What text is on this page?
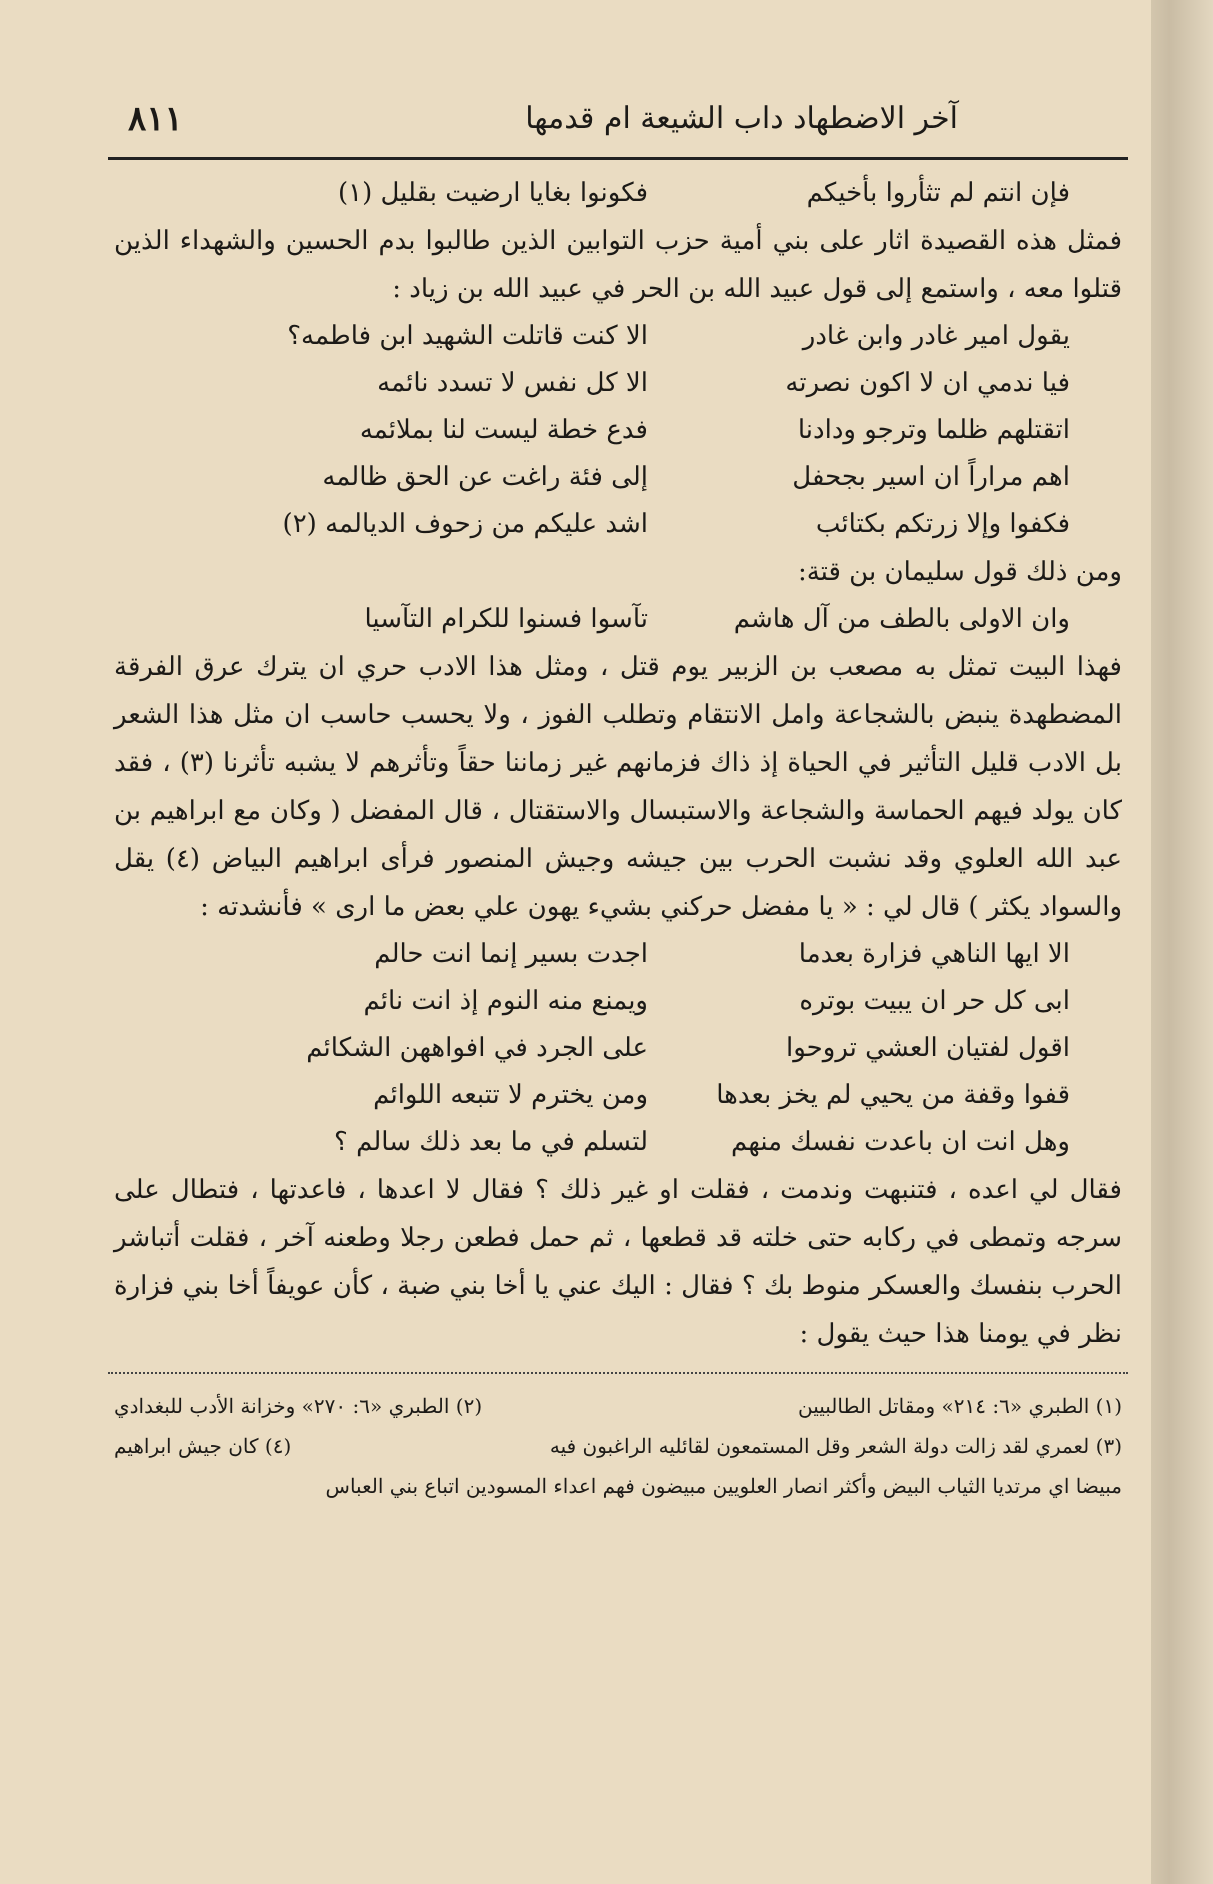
آخر الاضطهاد داب الشيعة ام قدمها
٨١١
فإن انتم لم تثأروا بأخيكم
فكونوا بغايا ارضيت بقليل (١)

فمثل هذه القصيدة اثار على بني أمية حزب التوابين الذين طالبوا بدم الحسين والشهداء الذين قتلوا معه ، واستمع إلى قول عبيد الله بن الحر في عبيد الله بن زياد :

يقول امير غادر وابن غادر
الا كنت قاتلت الشهيد ابن فاطمه؟
فيا ندمي ان لا اكون نصرته
الا كل نفس لا تسدد نائمه
اتقتلهم ظلما وترجو ودادنا
فدع خطة ليست لنا بملائمه
اهم مراراً ان اسير بجحفل
إلى فئة راغت عن الحق ظالمه
فكفوا وإلا زرتكم بكتائب
اشد عليكم من زحوف الديالمه (٢)

ومن ذلك قول سليمان بن قتة:

وان الاولى بالطف من آل هاشم
تآسوا فسنوا للكرام التآسيا

فهذا البيت تمثل به مصعب بن الزبير يوم قتل ، ومثل هذا الادب حري ان يترك عرق الفرقة المضطهدة ينبض بالشجاعة وامل الانتقام وتطلب الفوز ، ولا يحسب حاسب ان مثل هذا الشعر بل الادب قليل التأثير في الحياة إذ ذاك فزمانهم غير زماننا حقاً وتأثرهم لا يشبه تأثرنا (٣) ، فقد كان يولد فيهم الحماسة والشجاعة والاستبسال والاستقتال ، قال المفضل ( وكان مع ابراهيم بن عبد الله العلوي وقد نشبت الحرب بين جيشه وجيش المنصور فرأى ابراهيم البياض (٤) يقل والسواد يكثر ) قال لي : « يا مفضل حركني بشيء يهون علي بعض ما ارى » فأنشدته :

الا ايها الناهي فزارة بعدما
اجدت بسير إنما انت حالم
ابى كل حر ان يبيت بوتره
ويمنع منه النوم إذ انت نائم
اقول لفتيان العشي تروحوا
على الجرد في افواههن الشكائم
قفوا وقفة من يحيي لم يخز بعدها
ومن يخترم لا تتبعه اللوائم
وهل انت ان باعدت نفسك منهم
لتسلم في ما بعد ذلك سالم ؟

فقال لي اعده ، فتنبهت وندمت ، فقلت او غير ذلك ؟ فقال لا اعدها ، فاعدتها ، فتطال على سرجه وتمطى في ركابه حتى خلته قد قطعها ، ثم حمل فطعن رجلا وطعنه آخر ، فقلت أتباشر الحرب بنفسك والعسكر منوط بك ؟ فقال : اليك عني يا أخا بني ضبة ، كأن عويفاً أخا بني فزارة نظر في يومنا هذا حيث يقول :

(١) الطبري «٦: ٢١٤» ومقاتل الطالبيين
(٢) الطبري «٦: ٢٧٠» وخزانة الأدب للبغدادي
(٣) لعمري لقد زالت دولة الشعر وقل المستمعون لقائليه الراغبون فيه
(٤) كان جيش ابراهيم
مبيضا اي مرتديا الثياب البيض وأكثر انصار العلويين مبيضون فهم اعداء المسودين اتباع بني العباس
